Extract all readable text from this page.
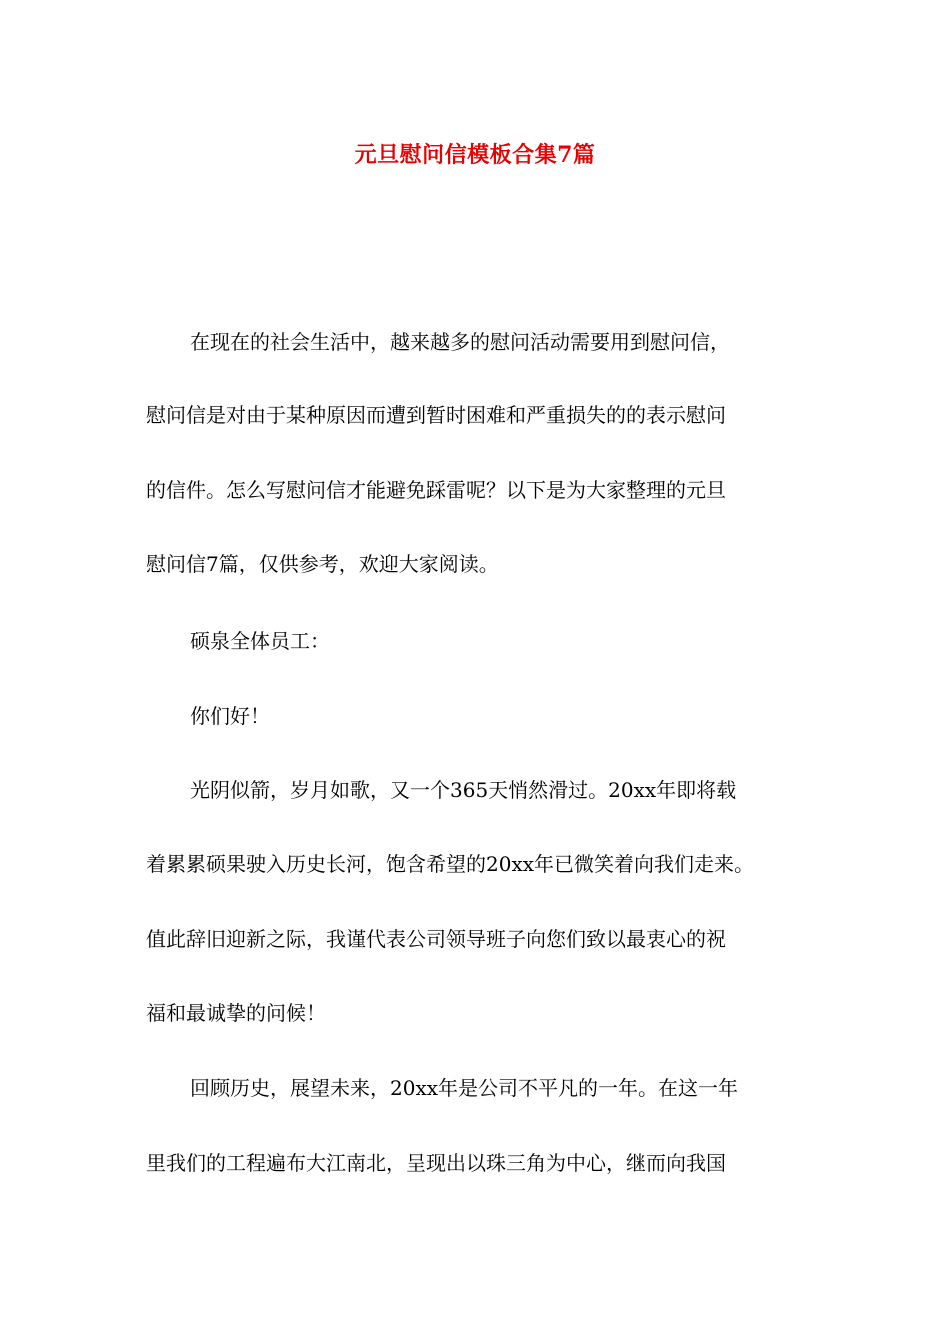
元旦慰问信模板合集7篇

在现在的社会生活中，越来越多的慰问活动需要用到慰问信，

慰问信是对由于某种原因而遭到暂时困难和严重损失的的表示慰问

的信件。怎么写慰问信才能避免踩雷呢？以下是为大家整理的元旦

慰问信7篇，仅供参考，欢迎大家阅读。

硕泉全体员工：

你们好！

光阴似箭，岁月如歌，又一个365天悄然滑过。20xx年即将载

着累累硕果驶入历史长河，饱含希望的20xx年已微笑着向我们走来。

值此辞旧迎新之际，我谨代表公司领导班子向您们致以最衷心的祝

福和最诚挚的问候！

回顾历史，展望未来，20xx年是公司不平凡的一年。在这一年

里我们的工程遍布大江南北，呈现出以珠三角为中心，继而向我国
